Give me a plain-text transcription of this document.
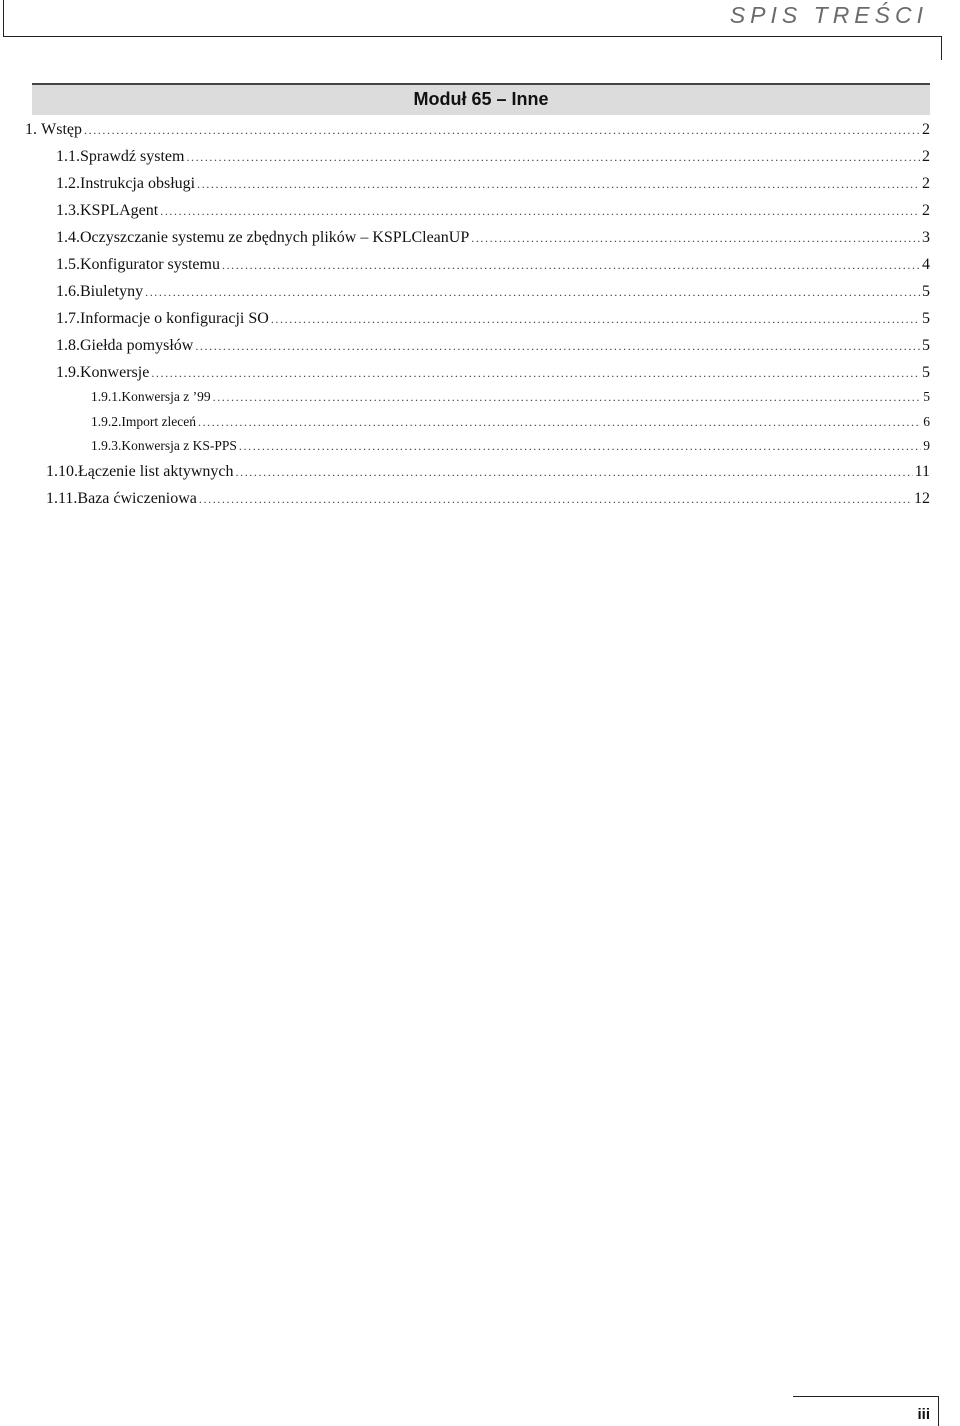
SPIS TREŚCI
Moduł 65 – Inne
1. Wstęp .....	2
1.1. Sprawdź system .....	2
1.2. Instrukcja obsługi .....	2
1.3. KSPLAgent .....	2
1.4. Oczyszczanie systemu ze zbędnych plików – KSPLCleanUP .....	3
1.5. Konfigurator systemu .....	4
1.6. Biuletyny .....	5
1.7. Informacje o konfiguracji SO .....	5
1.8. Giełda pomysłów .....	5
1.9. Konwersje .....	5
1.9.1. Konwersja z ’99 .....	5
1.9.2. Import zleceń .....	6
1.9.3. Konwersja z KS-PPS .....	9
1.10. Łączenie list aktywnych .....	11
1.11. Baza ćwiczeniowa .....	12
iii
